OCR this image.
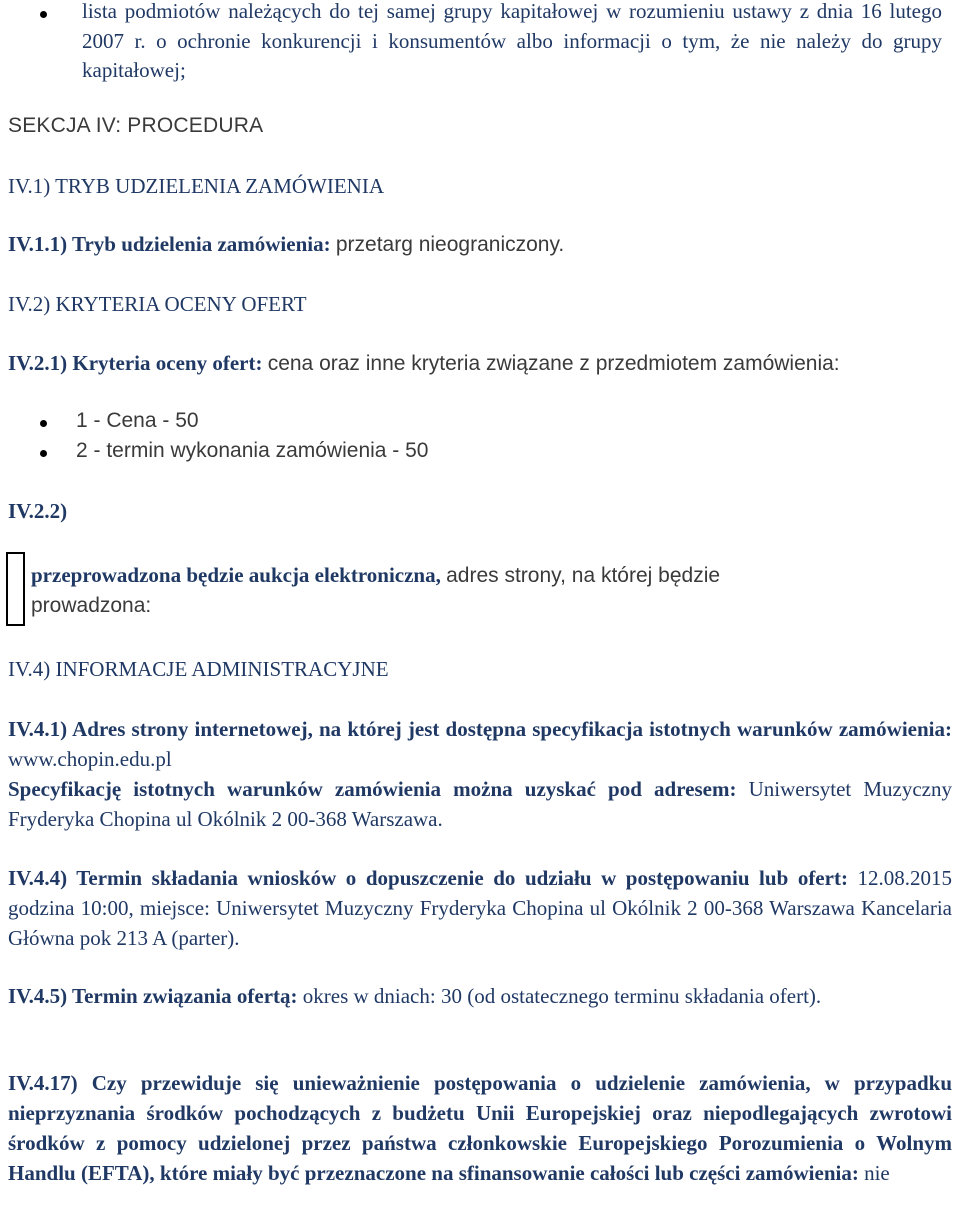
lista podmiotów należących do tej samej grupy kapitałowej w rozumieniu ustawy z dnia 16 lutego 2007 r. o ochronie konkurencji i konsumentów albo informacji o tym, że nie należy do grupy kapitałowej;
SEKCJA IV: PROCEDURA
IV.1) TRYB UDZIELENIA ZAMÓWIENIA
IV.1.1) Tryb udzielenia zamówienia: przetarg nieograniczony.
IV.2) KRYTERIA OCENY OFERT
IV.2.1) Kryteria oceny ofert: cena oraz inne kryteria związane z przedmiotem zamówienia:
1 - Cena - 50
2 - termin wykonania zamówienia - 50
IV.2.2)
przeprowadzona będzie aukcja elektroniczna, adres strony, na której będzie
prowadzona:
IV.4) INFORMACJE ADMINISTRACYJNE
IV.4.1) Adres strony internetowej, na której jest dostępna specyfikacja istotnych warunków zamówienia: www.chopin.edu.pl
Specyfikację istotnych warunków zamówienia można uzyskać pod adresem: Uniwersytet Muzyczny Fryderyka Chopina ul Okólnik 2 00-368 Warszawa.
IV.4.4) Termin składania wniosków o dopuszczenie do udziału w postępowaniu lub ofert: 12.08.2015 godzina 10:00, miejsce: Uniwersytet Muzyczny Fryderyka Chopina ul Okólnik 2 00-368 Warszawa Kancelaria Główna pok 213 A (parter).
IV.4.5) Termin związania ofertą: okres w dniach: 30 (od ostatecznego terminu składania ofert).
IV.4.17) Czy przewiduje się unieważnienie postępowania o udzielenie zamówienia, w przypadku nieprzyznania środków pochodzących z budżetu Unii Europejskiej oraz niepodlegających zwrotowi środków z pomocy udzielonej przez państwa członkowskie Europejskiego Porozumienia o Wolnym Handlu (EFTA), które miały być przeznaczone na sfinansowanie całości lub części zamówienia: nie
